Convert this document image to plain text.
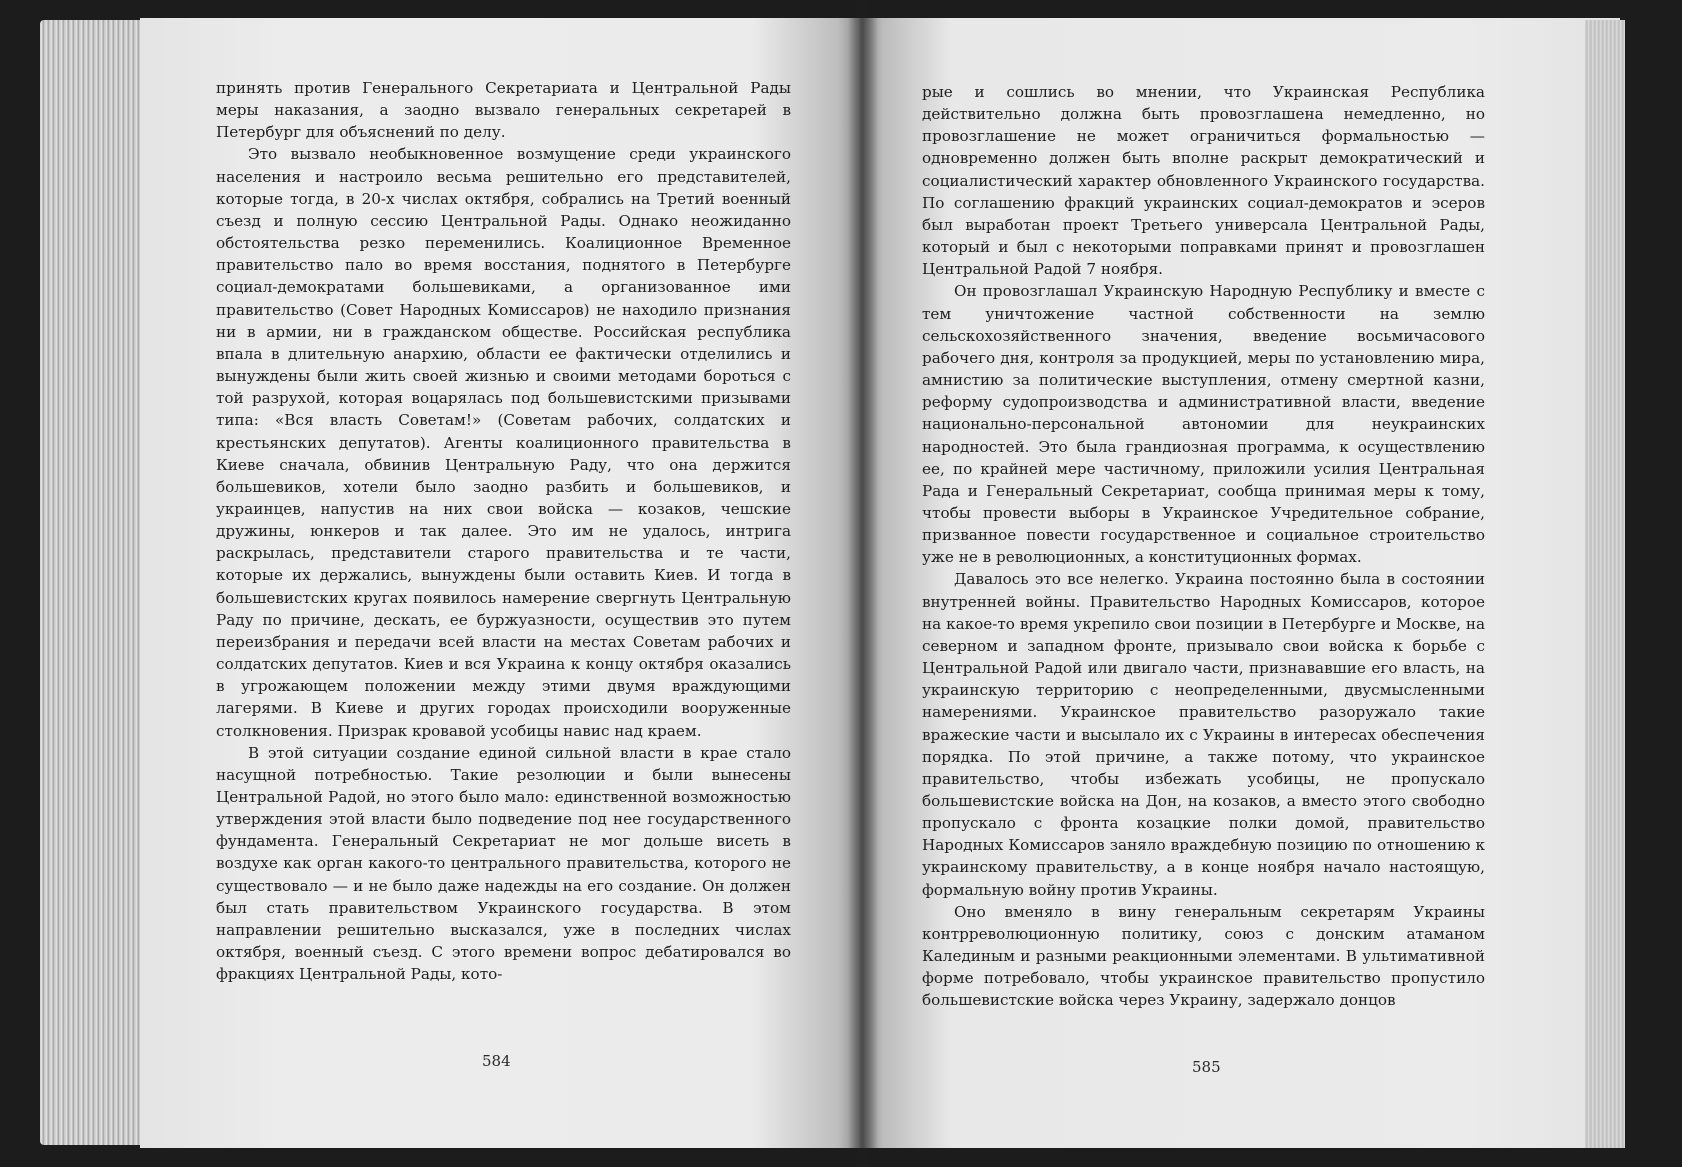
принять против Генерального Секретариата и Центральной Рады меры наказания, а заодно вызвало генеральных секретарей в Петербург для объяснений по делу.

Это вызвало необыкновенное возмущение среди украинского населения и настроило весьма решительно его представителей, которые тогда, в 20-х числах октября, собрались на Третий военный съезд и полную сессию Центральной Рады. Однако неожиданно обстоятельства резко переменились. Коалиционное Временное правительство пало во время восстания, поднятого в Петербурге социал-демократами большевиками, а организованное ими правительство (Совет Народных Комиссаров) не находило признания ни в армии, ни в гражданском обществе. Российская республика впала в длительную анархию, области ее фактически отделились и вынуждены были жить своей жизнью и своими методами бороться с той разрухой, которая воцарялась под большевистскими призывами типа: «Вся власть Советам!» (Советам рабочих, солдатских и крестьянских депутатов). Агенты коалиционного правительства в Киеве сначала, обвинив Центральную Раду, что она держится большевиков, хотели было заодно разбить и большевиков, и украинцев, напустив на них свои войска — козаков, чешские дружины, юнкеров и так далее. Это им не удалось, интрига раскрылась, представители старого правительства и те части, которые их держались, вынуждены были оставить Киев. И тогда в большевистских кругах появилось намерение свергнуть Центральную Раду по причине, дескать, ее буржуазности, осуществив это путем переизбрания и передачи всей власти на местах Советам рабочих и солдатских депутатов. Киев и вся Украина к концу октября оказались в угрожающем положении между этими двумя враждующими лагерями. В Киеве и других городах происходили вооруженные столкновения. Призрак кровавой усобицы навис над краем.

В этой ситуации создание единой сильной власти в крае стало насущной потребностью. Такие резолюции и были вынесены Центральной Радой, но этого было мало: единственной возможностью утверждения этой власти было подведение под нее государственного фундамента. Генеральный Секретариат не мог дольше висеть в воздухе как орган какого-то центрального правительства, которого не существовало — и не было даже надежды на его создание. Он должен был стать правительством Украинского государства. В этом направлении решительно высказался, уже в последних числах октября, военный съезд. С этого времени вопрос дебатировался во фракциях Центральной Рады, кото-

рые и сошлись во мнении, что Украинская Республика действительно должна быть провозглашена немедленно, но провозглашение не может ограничиться формальностью — одновременно должен быть вполне раскрыт демократический и социалистический характер обновленного Украинского государства. По соглашению фракций украинских социал-демократов и эсеров был выработан проект Третьего универсала Центральной Рады, который и был с некоторыми поправками принят и провозглашен Центральной Радой 7 ноября.

Он провозглашал Украинскую Народную Республику и вместе с тем уничтожение частной собственности на землю сельскохозяйственного значения, введение восьмичасового рабочего дня, контроля за продукцией, меры по установлению мира, амнистию за политические выступления, отмену смертной казни, реформу судопроизводства и административной власти, введение национально-персональной автономии для неукраинских народностей. Это была грандиозная программа, к осуществлению ее, по крайней мере частичному, приложили усилия Центральная Рада и Генеральный Секретариат, сообща принимая меры к тому, чтобы провести выборы в Украинское Учредительное собрание, призванное повести государственное и социальное строительство уже не в революционных, а конституционных формах.

Давалось это все нелегко. Украина постоянно была в состоянии внутренней войны. Правительство Народных Комиссаров, которое на какое-то время укрепило свои позиции в Петербурге и Москве, на северном и западном фронте, призывало свои войска к борьбе с Центральной Радой или двигало части, признававшие его власть, на украинскую территорию с неопределенными, двусмысленными намерениями. Украинское правительство разоружало такие вражеские части и высылало их с Украины в интересах обеспечения порядка. По этой причине, а также потому, что украинское правительство, чтобы избежать усобицы, не пропускало большевистские войска на Дон, на козаков, а вместо этого свободно пропускало с фронта козацкие полки домой, правительство Народных Комиссаров заняло враждебную позицию по отношению к украинскому правительству, а в конце ноября начало настоящую, формальную войну против Украины.

Оно вменяло в вину генеральным секретарям Украины контрреволюционную политику, союз с донским атаманом Калединым и разными реакционными элементами. В ультимативной форме потребовало, чтобы украинское правительство пропустило большевистские войска через Украину, задержало донцов

584	585
